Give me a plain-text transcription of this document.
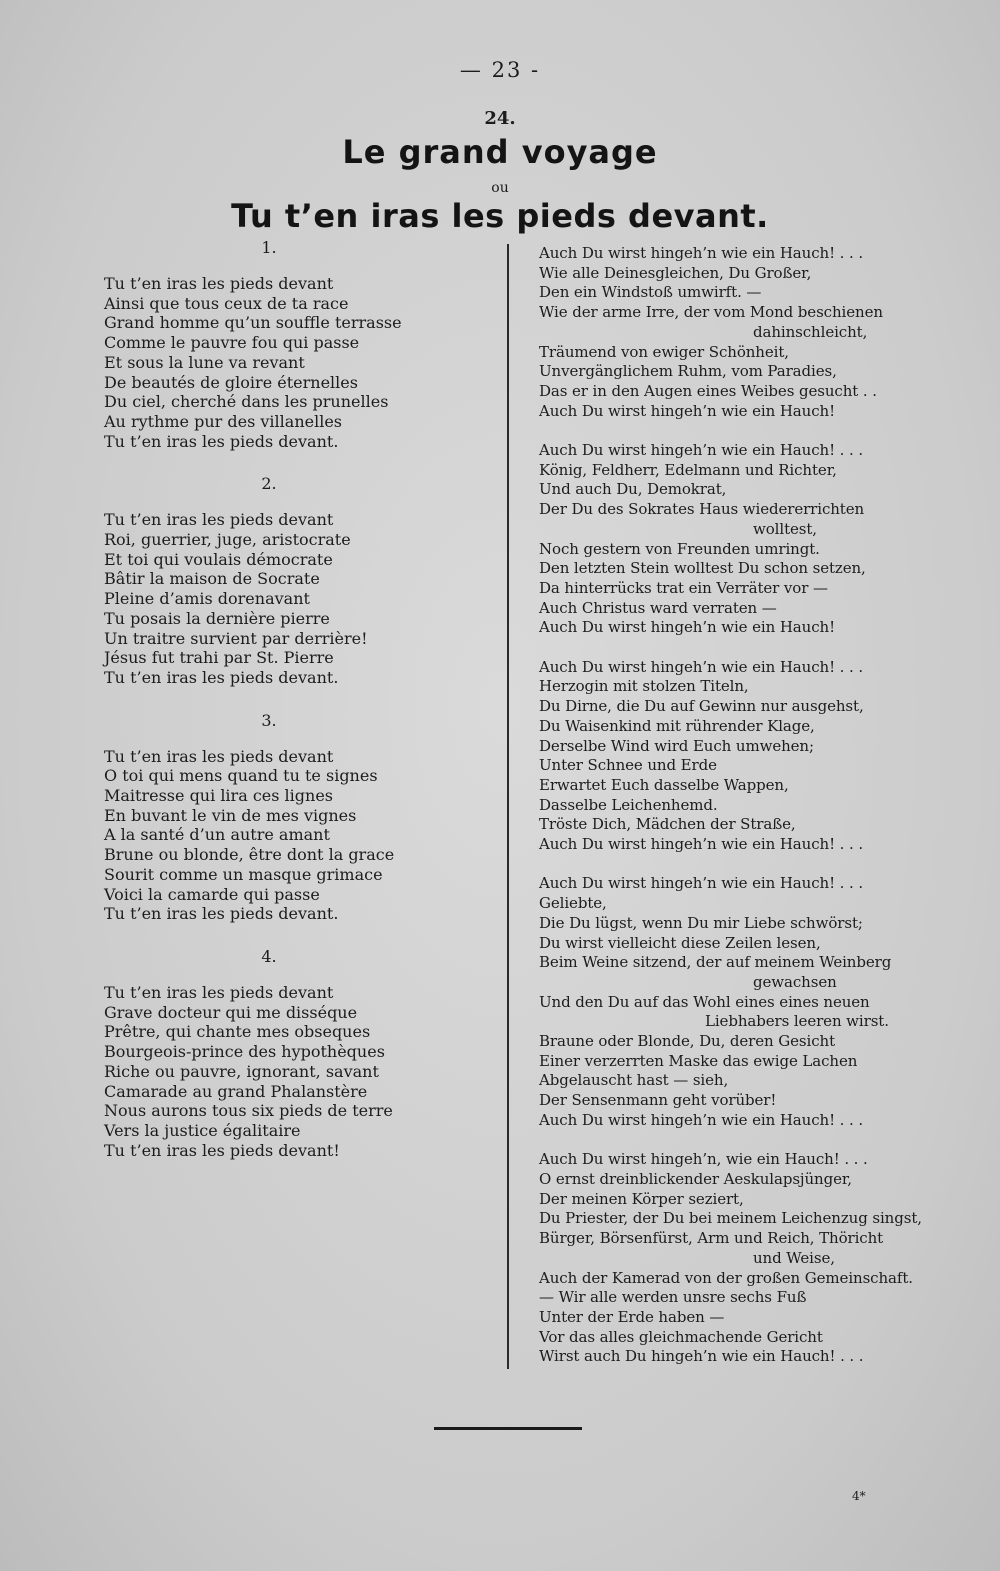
— 23 -
24.
Le grand voyage
ou
Tu t’en iras les pieds devant.
1.
Tu t’en iras les pieds devant
Ainsi que tous ceux de ta race
Grand homme qu’un souffle terrasse
Comme le pauvre fou qui passe
Et sous la lune va revant
De beautés de gloire éternelles
Du ciel, cherché dans les prunelles
Au rythme pur des villanelles
Tu t’en iras les pieds devant.
2.
Tu t’en iras les pieds devant
Roi, guerrier, juge, aristocrate
Et toi qui voulais démocrate
Bâtir la maison de Socrate
Pleine d’amis dorenavant
Tu posais la dernière pierre
Un traitre survient par derrière!
Jésus fut trahi par St. Pierre
Tu t’en iras les pieds devant.
3.
Tu t’en iras les pieds devant
O toi qui mens quand tu te signes
Maitresse qui lira ces lignes
En buvant le vin de mes vignes
A la santé d’un autre amant
Brune ou blonde, être dont la grace
Sourit comme un masque grimace
Voici la camarde qui passe
Tu t’en iras les pieds devant.
4.
Tu t’en iras les pieds devant
Grave docteur qui me disséque
Prêtre, qui chante mes obseques
Bourgeois-prince des hypothèques
Riche ou pauvre, ignorant, savant
Camarade au grand Phalanstère
Nous aurons tous six pieds de terre
Vers la justice égalitaire
Tu t’en iras les pieds devant!
Auch Du wirst hingeh’n wie ein Hauch! . . .
Wie alle Deinesgleichen, Du Großer,
Den ein Windstoß umwirft. —
Wie der arme Irre, der vom Mond beschienen
dahinschleicht,
Träumend von ewiger Schönheit,
Unvergänglichem Ruhm, vom Paradies,
Das er in den Augen eines Weibes gesucht . .
Auch Du wirst hingeh’n wie ein Hauch!
Auch Du wirst hingeh’n wie ein Hauch! . . .
König, Feldherr, Edelmann und Richter,
Und auch Du, Demokrat,
Der Du des Sokrates Haus wiedererrichten
wolltest,
Noch gestern von Freunden umringt.
Den letzten Stein wolltest Du schon setzen,
Da hinterrücks trat ein Verräter vor —
Auch Christus ward verraten —
Auch Du wirst hingeh’n wie ein Hauch!
Auch Du wirst hingeh’n wie ein Hauch! . . .
Herzogin mit stolzen Titeln,
Du Dirne, die Du auf Gewinn nur ausgehst,
Du Waisenkind mit rührender Klage,
Derselbe Wind wird Euch umwehen;
Unter Schnee und Erde
Erwartet Euch dasselbe Wappen,
Dasselbe Leichenhemd.
Tröste Dich, Mädchen der Straße,
Auch Du wirst hingeh’n wie ein Hauch! . . .
Auch Du wirst hingeh’n wie ein Hauch! . . .
Geliebte,
Die Du lügst, wenn Du mir Liebe schwörst;
Du wirst vielleicht diese Zeilen lesen,
Beim Weine sitzend, der auf meinem Weinberg
gewachsen
Und den Du auf das Wohl eines eines neuen
Liebhabers leeren wirst.
Braune oder Blonde, Du, deren Gesicht
Einer verzerrten Maske das ewige Lachen
Abgelauscht hast — sieh,
Der Sensenmann geht vorüber!
Auch Du wirst hingeh’n wie ein Hauch! . . .
Auch Du wirst hingeh’n, wie ein Hauch! . . .
O ernst dreinblickender Aeskulapsjünger,
Der meinen Körper seziert,
Du Priester, der Du bei meinem Leichenzug singst,
Bürger, Börsenfürst, Arm und Reich, Thöricht
und Weise,
Auch der Kamerad von der großen Gemeinschaft.
— Wir alle werden unsre sechs Fuß
Unter der Erde haben —
Vor das alles gleichmachende Gericht
Wirst auch Du hingeh’n wie ein Hauch! . . .
4*
